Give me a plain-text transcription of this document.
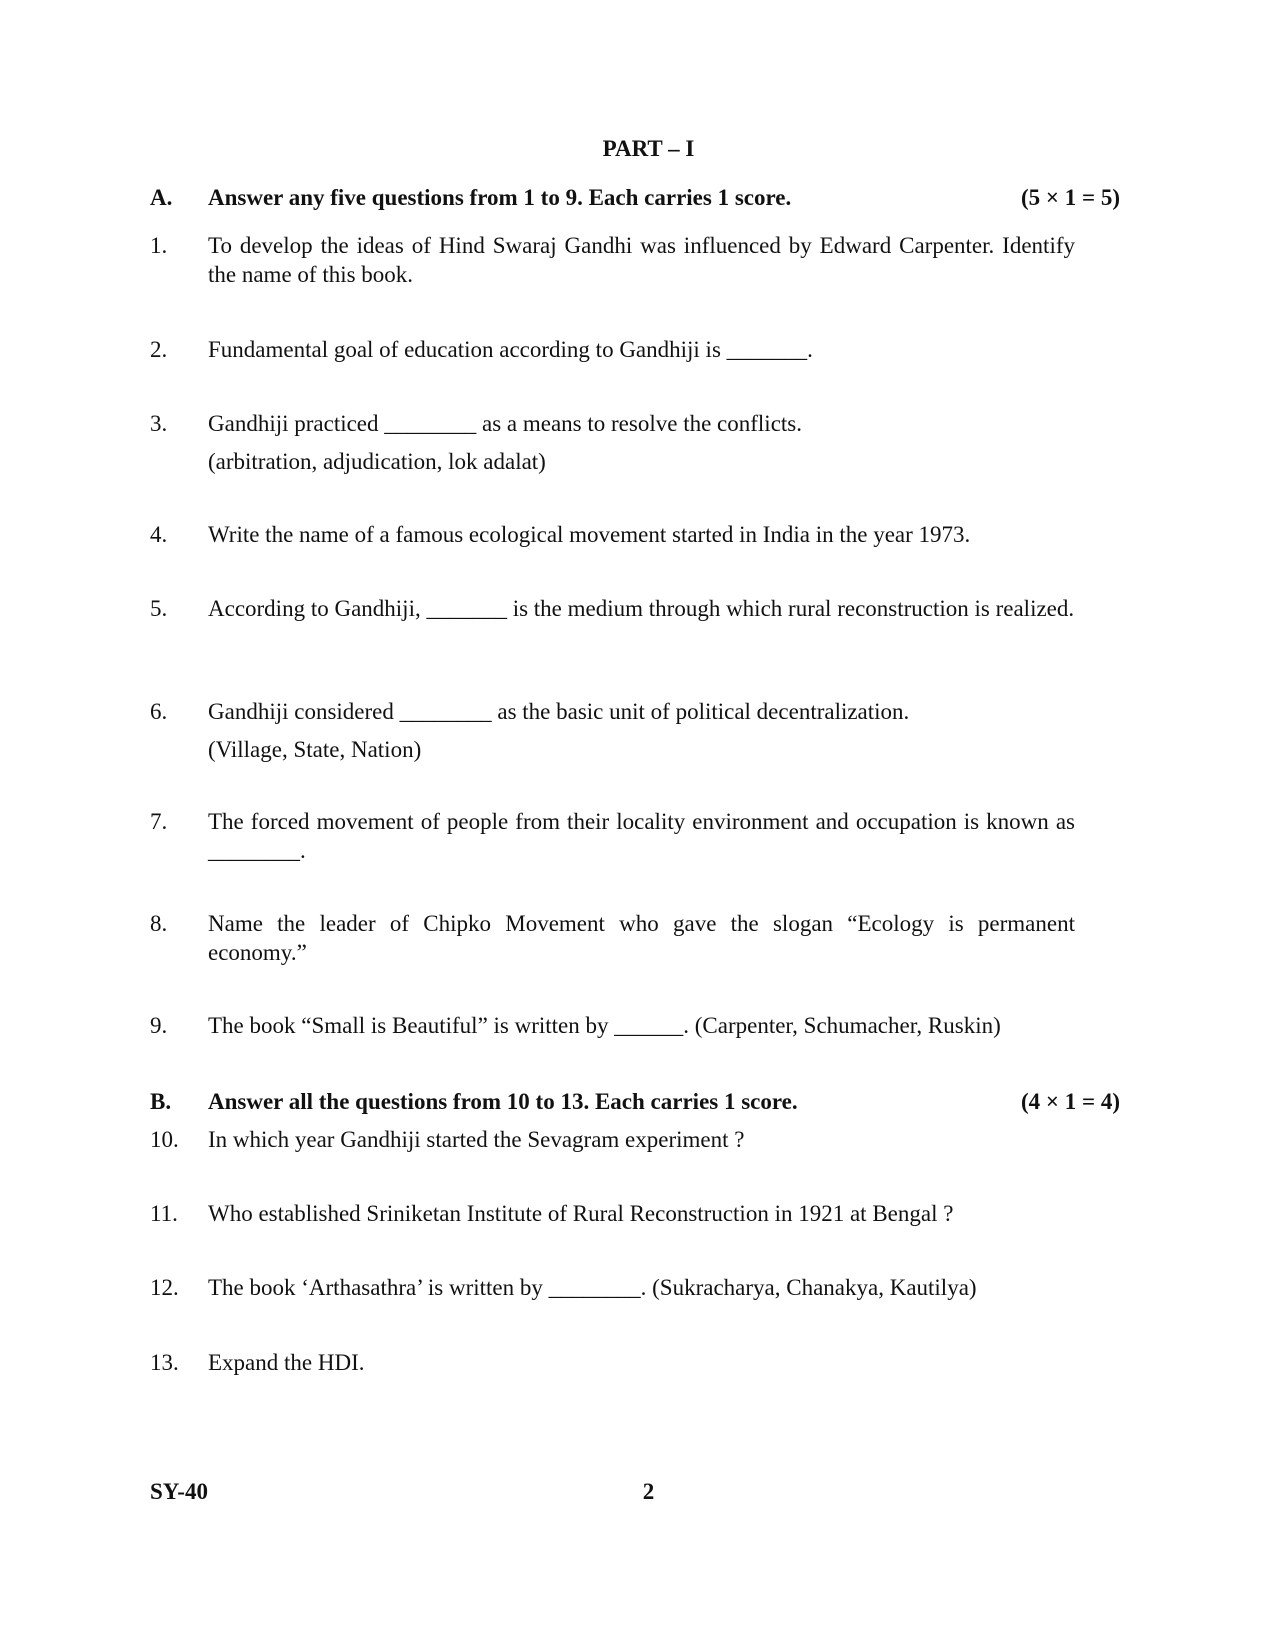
PART – I
A. Answer any five questions from 1 to 9. Each carries 1 score.	(5 × 1 = 5)
1. To develop the ideas of Hind Swaraj Gandhi was influenced by Edward Carpenter. Identify the name of this book.
2. Fundamental goal of education according to Gandhiji is _______.
3. Gandhiji practiced ________ as a means to resolve the conflicts.
(arbitration, adjudication, lok adalat)
4. Write the name of a famous ecological movement started in India in the year 1973.
5. According to Gandhiji, _______ is the medium through which rural reconstruction is realized.
6. Gandhiji considered ________ as the basic unit of political decentralization.
(Village, State, Nation)
7. The forced movement of people from their locality environment and occupation is known as ________.
8. Name the leader of Chipko Movement who gave the slogan “Ecology is permanent economy.”
9. The book “Small is Beautiful” is written by ______. (Carpenter, Schumacher, Ruskin)
B. Answer all the questions from 10 to 13. Each carries 1 score.	(4 × 1 = 4)
10. In which year Gandhiji started the Sevagram experiment ?
11. Who established Sriniketan Institute of Rural Reconstruction in 1921 at Bengal ?
12. The book ‘Arthasathra’ is written by ________. (Sukracharya, Chanakya, Kautilya)
13. Expand the HDI.
SY-40	2
